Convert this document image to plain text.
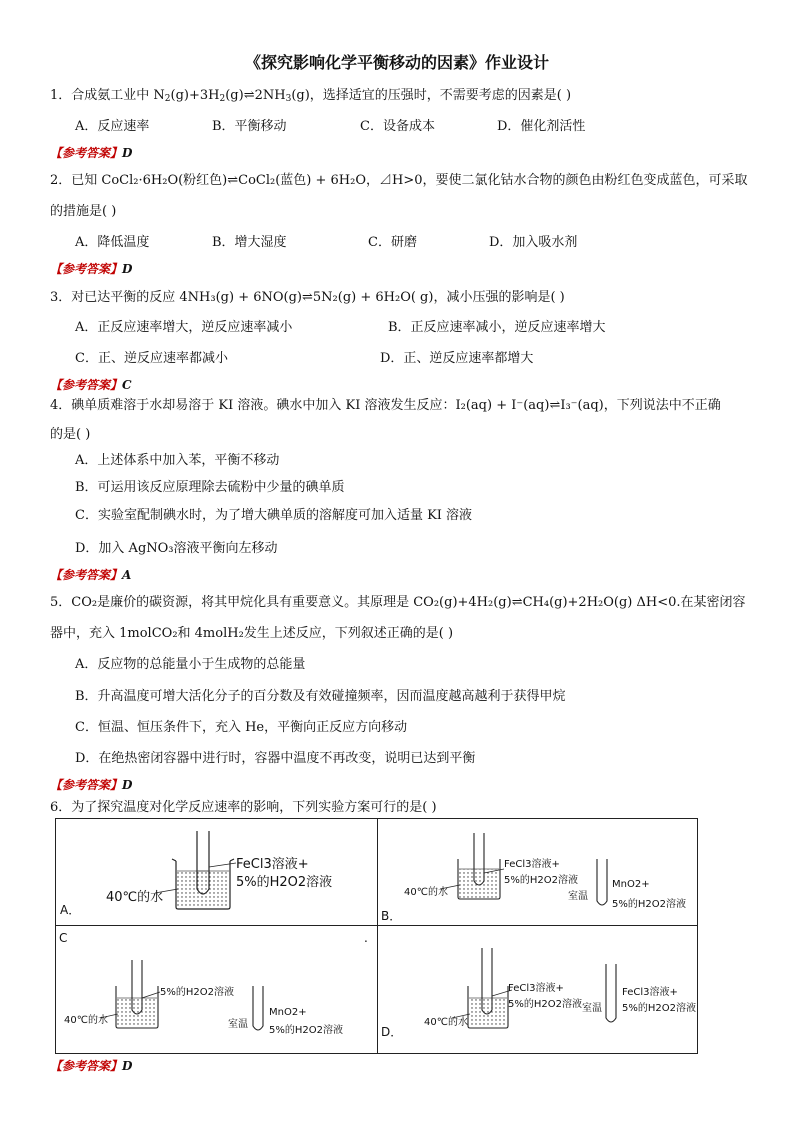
《探究影响化学平衡移动的因素》作业设计
1．合成氨工业中 $N_2(g)+3H_2(g)\rightleftharpoons 2NH_3(g)$，选择适宜的压强时，不需要考虑的因素是( )
A．反应速率	B．平衡移动	C．设备成本	D．催化剂活性
【参考答案】D
2．已知 CoCl₂·6H₂O(粉红色)⇌CoCl₂(蓝色) + 6H₂O，⊿H>0，要使二氯化钴水合物的颜色由粉红色变成蓝色，可采取
的措施是( )
A．降低温度	B．增大湿度	C．研磨	D．加入吸水剂
【参考答案】D
3．对已达平衡的反应 4NH₃(g) + 6NO(g)⇌5N₂(g) + 6H₂O( g)，减小压强的影响是( )
A．正反应速率增大，逆反应速率减小	B．正反应速率减小，逆反应速率增大
C．正、逆反应速率都减小	D．正、逆反应速率都增大
【参考答案】C
4．碘单质难溶于水却易溶于 KI 溶液。碘水中加入 KI 溶液发生反应：I₂(aq) + I⁻(aq)⇌I₃⁻(aq)，下列说法中不正确
的是( )
A．上述体系中加入苯，平衡不移动
B．可运用该反应原理除去硫粉中少量的碘单质
C．实验室配制碘水时，为了增大碘单质的溶解度可加入适量 KI 溶液
D．加入 AgNO₃溶液平衡向左移动
【参考答案】A
5．CO₂是廉价的碳资源，将其甲烷化具有重要意义。其原理是 CO₂(g)+4H₂(g)⇌CH₄(g)+2H₂O(g) ΔH<0.在某密闭容
器中，充入 1molCO₂和 4molH₂发生上述反应，下列叙述正确的是( )
A．反应物的总能量小于生成物的总能量
B．升高温度可增大活化分子的百分数及有效碰撞频率，因而温度越高越利于获得甲烷
C．恒温、恒压条件下，充入 He，平衡向正反应方向移动
D．在绝热密闭容器中进行时，容器中温度不再改变，说明已达到平衡
【参考答案】D
6．为了探究温度对化学反应速率的影响，下列实验方案可行的是( )
FeCl3溶液+
5%的H2O2溶液
40℃的水
A．
FeCl3溶液+
5%的H2O2溶液
40℃的水	室温
MnO2+
5%的H2O2溶液
B．
C	.
5%的H2O2溶液
40℃的水	室温
MnO2+
5%的H2O2溶液
FeCl3溶液+
5%的H2O2溶液
40℃的水
室温
FeCl3溶液+
5%的H2O2溶液
D．
【参考答案】D
